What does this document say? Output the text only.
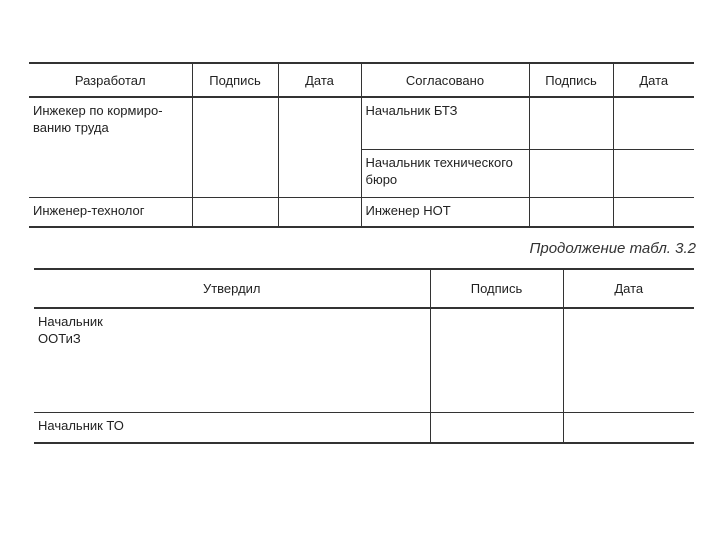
Разработал	Подпись	Дата	Согласовано	Подпись	Дата

Инжекер по кормиро-
ванию труда			Начальник БТЗ		

			Начальник технического
бюро		

Инженер-технолог			Инженер НОТ		

Продолжение табл. 3.2
Утвердил	Подпись	Дата

Начальник
ООТиЗ		

Начальник ТО		
